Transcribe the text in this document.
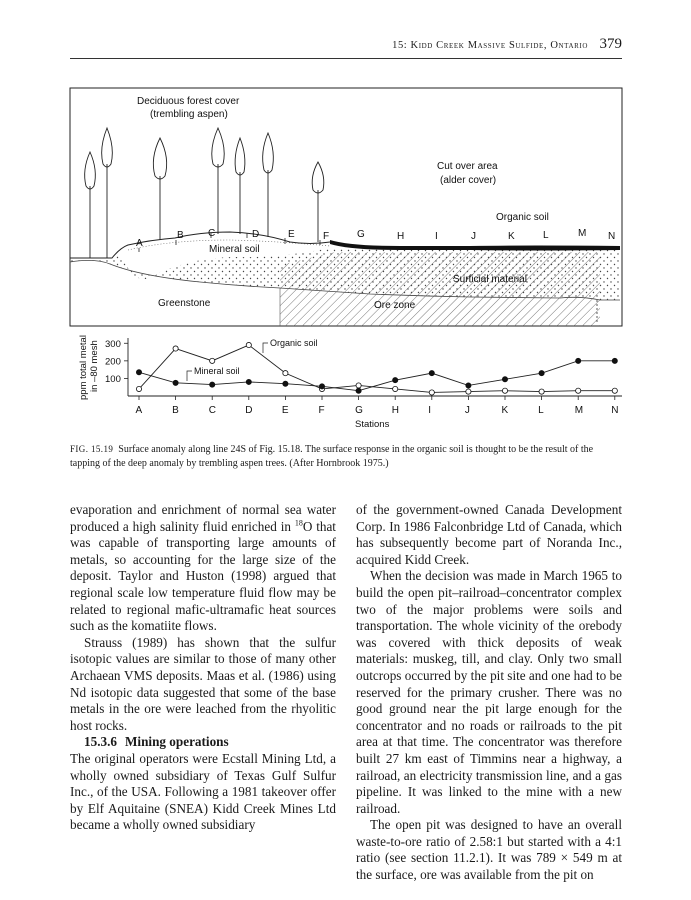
15: Kidd Creek Massive Sulfide, Ontario 379
A
B C	D	E	F	G	H	I	J	K	L	M N
Deciduous forest cover
(trembling aspen)
Cut over area
(alder cover)
Organic soil
Mineral soil
Surficial material
Greenstone	Ore zone
100
200
300
A	B	C	D	E	F	G	H	I	J	K	L	M	N
ppm total metal in –80 mesh
Stations
Organic soil
Mineral soil
FIG. 15.19 Surface anomaly along line 24S of Fig. 15.18. The surface response in the organic soil is thought to be the result of the tapping of the deep anomaly by trembling aspen trees. (After Hornbrook 1975.)

evaporation and enrichment of normal sea water produced a high salinity fluid enriched in $^{18}$O that was capable of transporting large amounts of metals, so accounting for the large size of the deposit. Taylor and Huston (1998) argued that regional scale low temperature fluid flow may be related to regional mafic-ultramafic heat sources such as the komatiite flows.

Strauss (1989) has shown that the sulfur isotopic values are similar to those of many other Archaean VMS deposits. Maas et al. (1986) using Nd isotopic data suggested that some of the base metals in the ore were leached from the rhyolitic host rocks.

15.3.6 Mining operations

The original operators were Ecstall Mining Ltd, a wholly owned subsidiary of Texas Gulf Sulfur Inc., of the USA. Following a 1981 takeover offer by Elf Aquitaine (SNEA) Kidd Creek Mines Ltd became a wholly owned subsidiary

of the government-owned Canada Development Corp. In 1986 Falconbridge Ltd of Canada, which has subsequently become part of Noranda Inc., acquired Kidd Creek.

When the decision was made in March 1965 to build the open pit–railroad–concentrator complex two of the major problems were soils and transportation. The whole vicinity of the orebody was covered with thick deposits of weak materials: muskeg, till, and clay. Only two small outcrops occurred by the pit site and one had to be reserved for the primary crusher. There was no good ground near the pit large enough for the concentrator and no roads or railroads to the pit area at that time. The concentrator was therefore built 27 km east of Timmins near a highway, a railroad, an electricity transmission line, and a gas pipeline. It was linked to the mine with a new railroad.

The open pit was designed to have an overall waste-to-ore ratio of 2.58:1 but started with a 4:1 ratio (see section 11.2.1). It was 789 × 549 m at the surface, ore was available from the pit on
